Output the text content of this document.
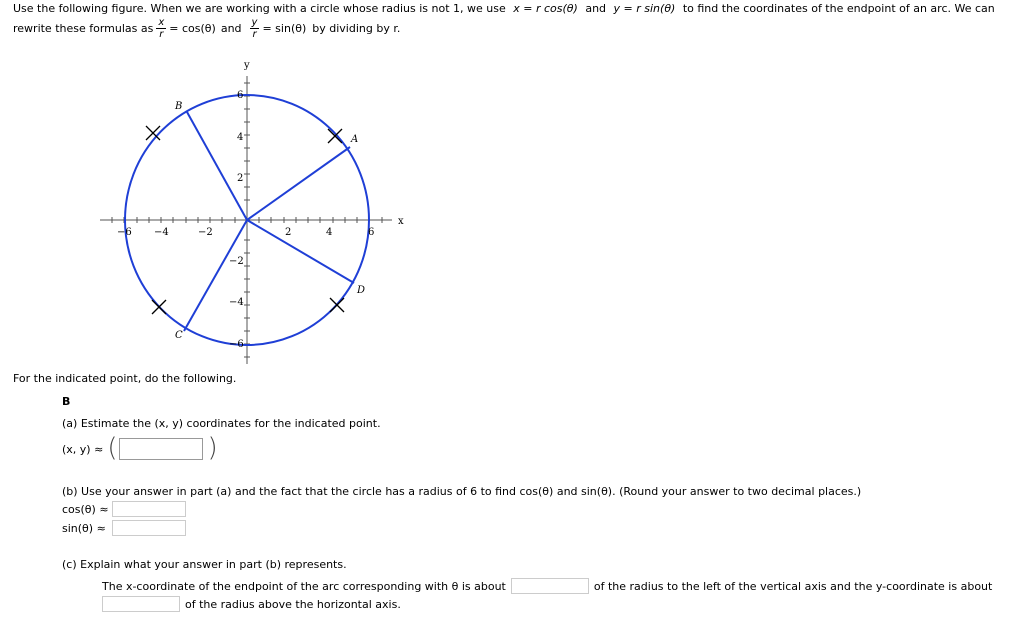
Use the following figure. When we are working with a circle whose radius is not 1, we use x = r cos(θ) and y = r sin(θ) to find the coordinates of the endpoint of an arc. We can
rewrite these formulas as $\frac{x}{r} = \cos(\theta)$ and $\frac{y}{r} = \sin(\theta)$ by dividing by r.
x
y
−6 −4	−2	2	4	6
6
4
2
−2
−4
−6
A
B
C
D
For the indicated point, do the following.
B
(a) Estimate the (x, y) coordinates for the indicated point.
(x, y) ≈ (	)
(b) Use your answer in part (a) and the fact that the circle has a radius of 6 to find cos(θ) and sin(θ). (Round your answer to two decimal places.)
cos(θ) ≈
sin(θ) ≈
(c) Explain what your answer in part (b) represents.
The x-coordinate of the endpoint of the arc corresponding with θ is about	of the radius to the left of the vertical axis and the y-coordinate is about
of the radius above the horizontal axis.
